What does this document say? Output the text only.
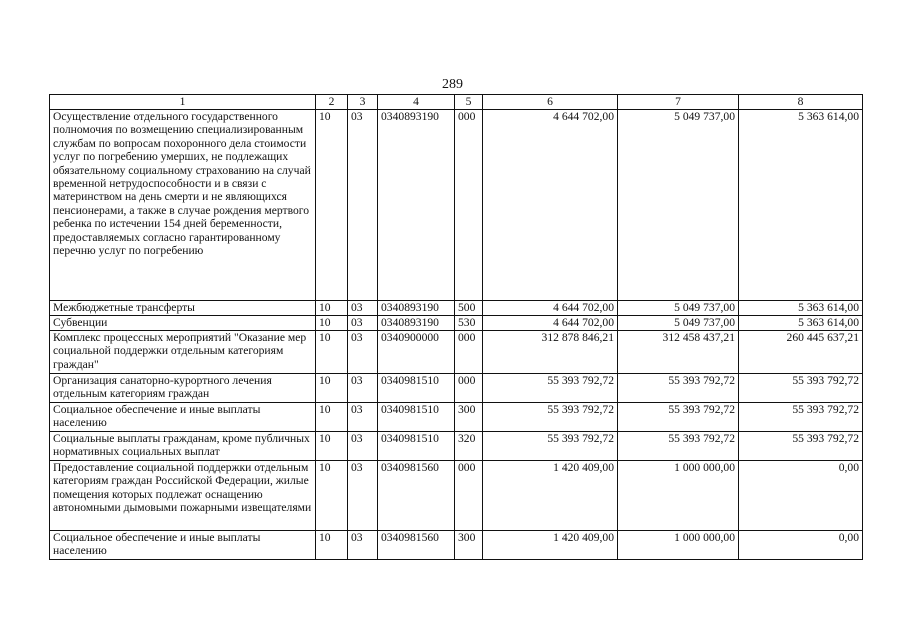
289
1	2	3	4	5	6	7	8
Осуществление отдельного государственного полномочия по возмещению специализированным службам по вопросам похоронного дела стоимости услуг по погребению умерших, не подлежащих обязательному социальному страхованию на случай временной нетрудоспособности и в связи с материнством на день смерти и не являющихся пенсионерами, а также в случае рождения мертвого ребенка по истечении 154 дней беременности, предоставляемых согласно гарантированному перечню услуг по погребению	10	03	0340893190	000	4 644 702,00	5 049 737,00	5 363 614,00
Межбюджетные трансферты	10	03	0340893190	500	4 644 702,00	5 049 737,00	5 363 614,00
Субвенции	10	03	0340893190	530	4 644 702,00	5 049 737,00	5 363 614,00
Комплекс процессных мероприятий "Оказание мер социальной поддержки отдельным категориям граждан"	10	03	0340900000	000	312 878 846,21	312 458 437,21	260 445 637,21
Организация санаторно-курортного лечения отдельным категориям граждан	10	03	0340981510	000	55 393 792,72	55 393 792,72	55 393 792,72
Социальное обеспечение и иные выплаты населению	10	03	0340981510	300	55 393 792,72	55 393 792,72	55 393 792,72
Социальные выплаты гражданам, кроме публичных нормативных социальных выплат	10	03	0340981510	320	55 393 792,72	55 393 792,72	55 393 792,72
Предоставление социальной поддержки отдельным категориям граждан Российской Федерации, жилые помещения которых подлежат оснащению автономными дымовыми пожарными извещателями	10	03	0340981560	000	1 420 409,00	1 000 000,00	0,00
Социальное обеспечение и иные выплаты населению	10	03	0340981560	300	1 420 409,00	1 000 000,00	0,00
